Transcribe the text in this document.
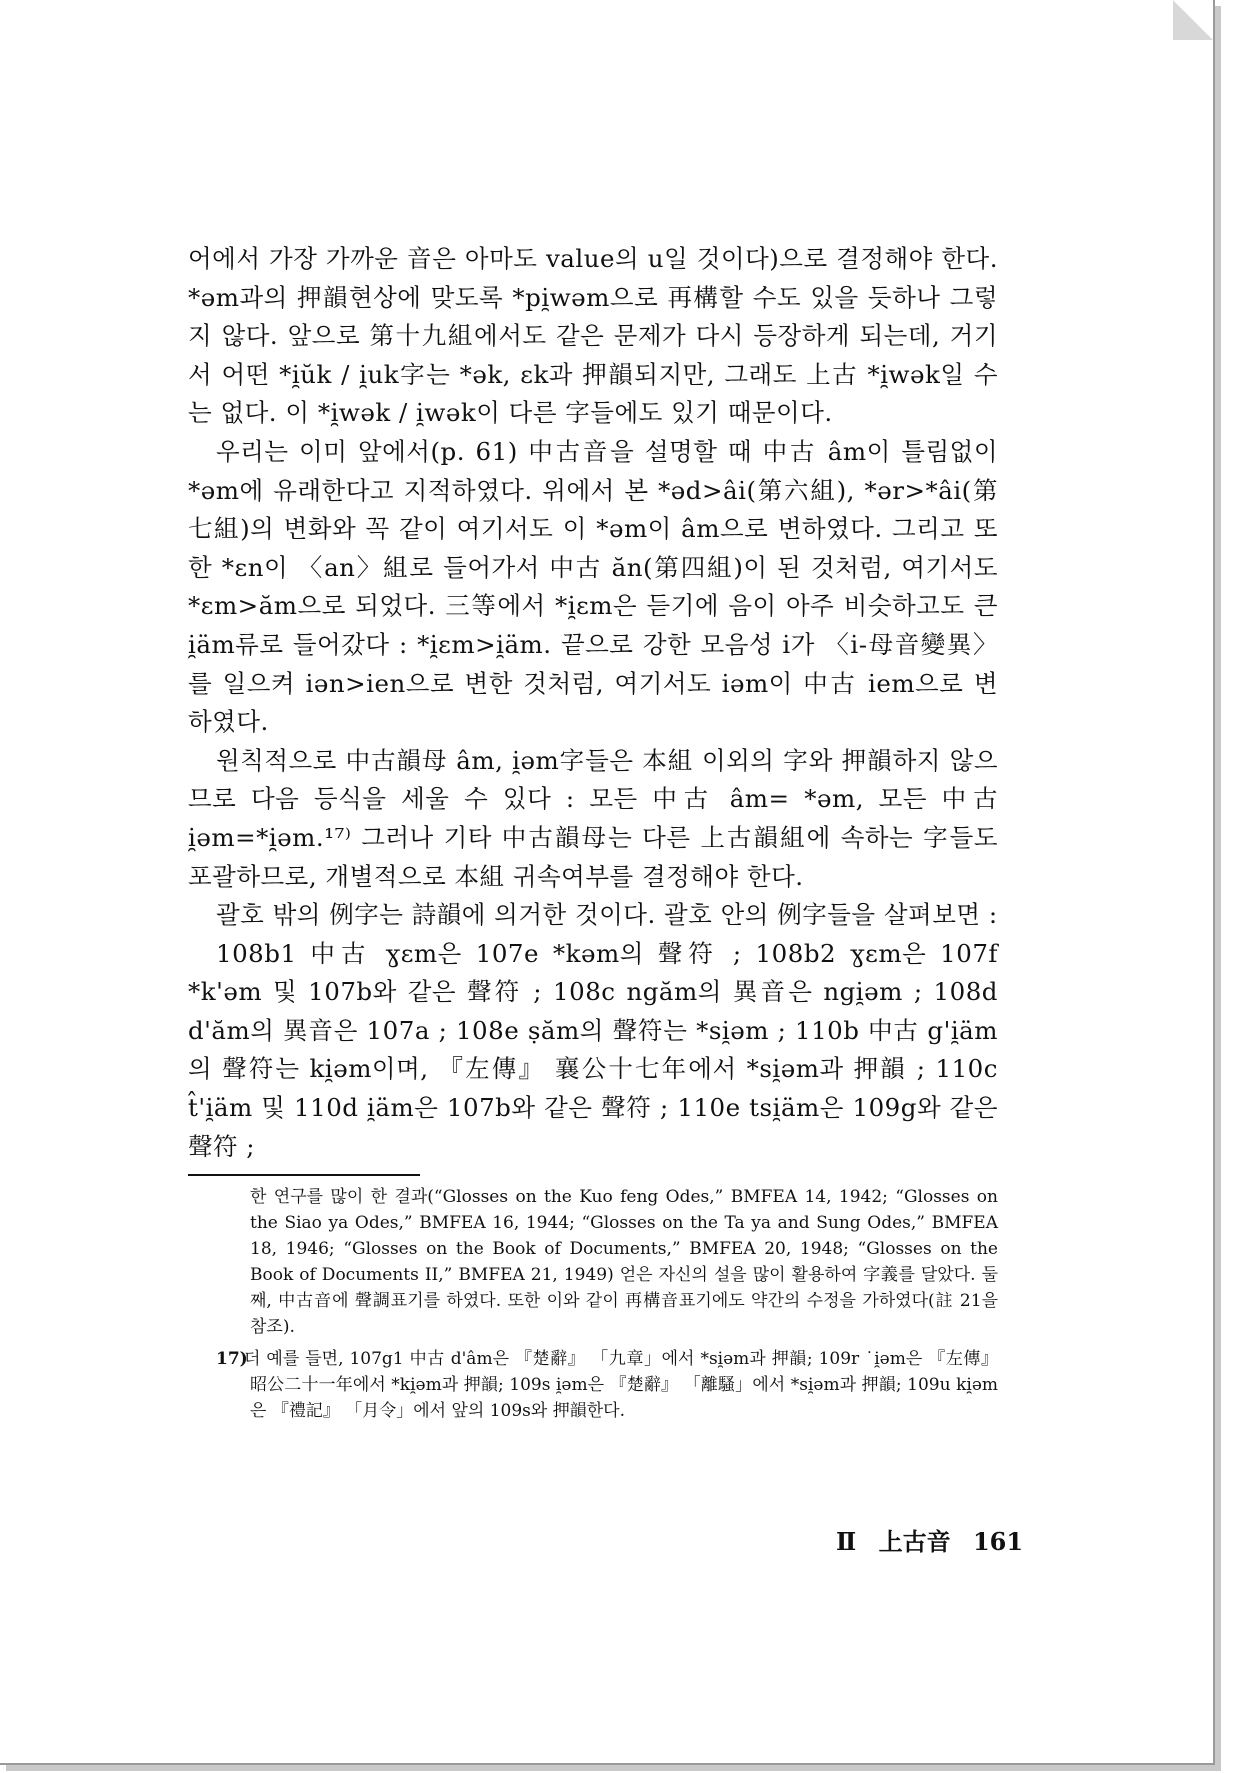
어에서 가장 가까운 音은 아마도 value의 u일 것이다)으로 결정해야 한다. *əm과의 押韻현상에 맞도록 *pi̯wəm으로 再構할 수도 있을 듯하나 그렇지 않다. 앞으로 第十九組에서도 같은 문제가 다시 등장하게 되는데, 거기서 어떤 *i̯ŭk / i̯uk字는 *ək, ɛk과 押韻되지만, 그래도 上古 *i̯wək일 수는 없다. 이 *i̯wək / i̯wək이 다른 字들에도 있기 때문이다.

우리는 이미 앞에서(p. 61) 中古音을 설명할 때 中古 âm이 틀림없이 *əm에 유래한다고 지적하였다. 위에서 본 *əd>âi(第六組), *ər>*âi(第七組)의 변화와 꼭 같이 여기서도 이 *əm이 âm으로 변하였다. 그리고 또한 *ɛn이 〈an〉組로 들어가서 中古 ăn(第四組)이 된 것처럼, 여기서도 *ɛm>ăm으로 되었다. 三等에서 *i̯ɛm은 듣기에 음이 아주 비슷하고도 큰 i̯äm류로 들어갔다 : *i̯ɛm>i̯äm. 끝으로 강한 모음성 i가 〈i-母音變異〉를 일으켜 iən>ien으로 변한 것처럼, 여기서도 iəm이 中古 iem으로 변하였다.

원칙적으로 中古韻母 âm, i̯əm字들은 本組 이외의 字와 押韻하지 않으므로 다음 등식을 세울 수 있다 : 모든 中古 âm= *əm, 모든 中古 i̯əm=*i̯əm.¹⁷⁾ 그러나 기타 中古韻母는 다른 上古韻組에 속하는 字들도 포괄하므로, 개별적으로 本組 귀속여부를 결정해야 한다.

괄호 밖의 例字는 詩韻에 의거한 것이다. 괄호 안의 例字들을 살펴보면 :

108b1 中古 ɣɛm은 107e *kəm의 聲符 ; 108b2 ɣɛm은 107f *k'əm 및 107b와 같은 聲符 ; 108c ngăm의 異音은 ngi̯əm ; 108d d'ăm의 異音은 107a ; 108e ṣăm의 聲符는 *si̯əm ; 110b 中古 g'i̯äm의 聲符는 ki̯əm이며, 『左傳』 襄公十七年에서 *si̯əm과 押韻 ; 110c t̂'i̯äm 및 110d i̯äm은 107b와 같은 聲符 ; 110e tsi̯äm은 109g와 같은 聲符 ;

한 연구를 많이 한 결과(“Glosses on the Kuo feng Odes,” BMFEA 14, 1942; “Glosses on the Siao ya Odes,” BMFEA 16, 1944; “Glosses on the Ta ya and Sung Odes,” BMFEA 18, 1946; “Glosses on the Book of Documents,” BMFEA 20, 1948; “Glosses on the Book of Documents II,” BMFEA 21, 1949) 얻은 자신의 설을 많이 활용하여 字義를 달았다. 둘째, 中古音에 聲調표기를 하였다. 또한 이와 같이 再構音표기에도 약간의 수정을 가하였다(註 21을 참조).

17)더 예를 들면, 107g1 中古 d'âm은 『楚辭』 「九章」에서 *si̯əm과 押韻; 109r ˙i̯əm은 『左傳』 昭公二十一年에서 *ki̯əm과 押韻; 109s i̯əm은 『楚辭』 「離騷」에서 *si̯əm과 押韻; 109u ki̯əm은 『禮記』 「月令」에서 앞의 109s와 押韻한다.

Ⅱ 上古音 161
